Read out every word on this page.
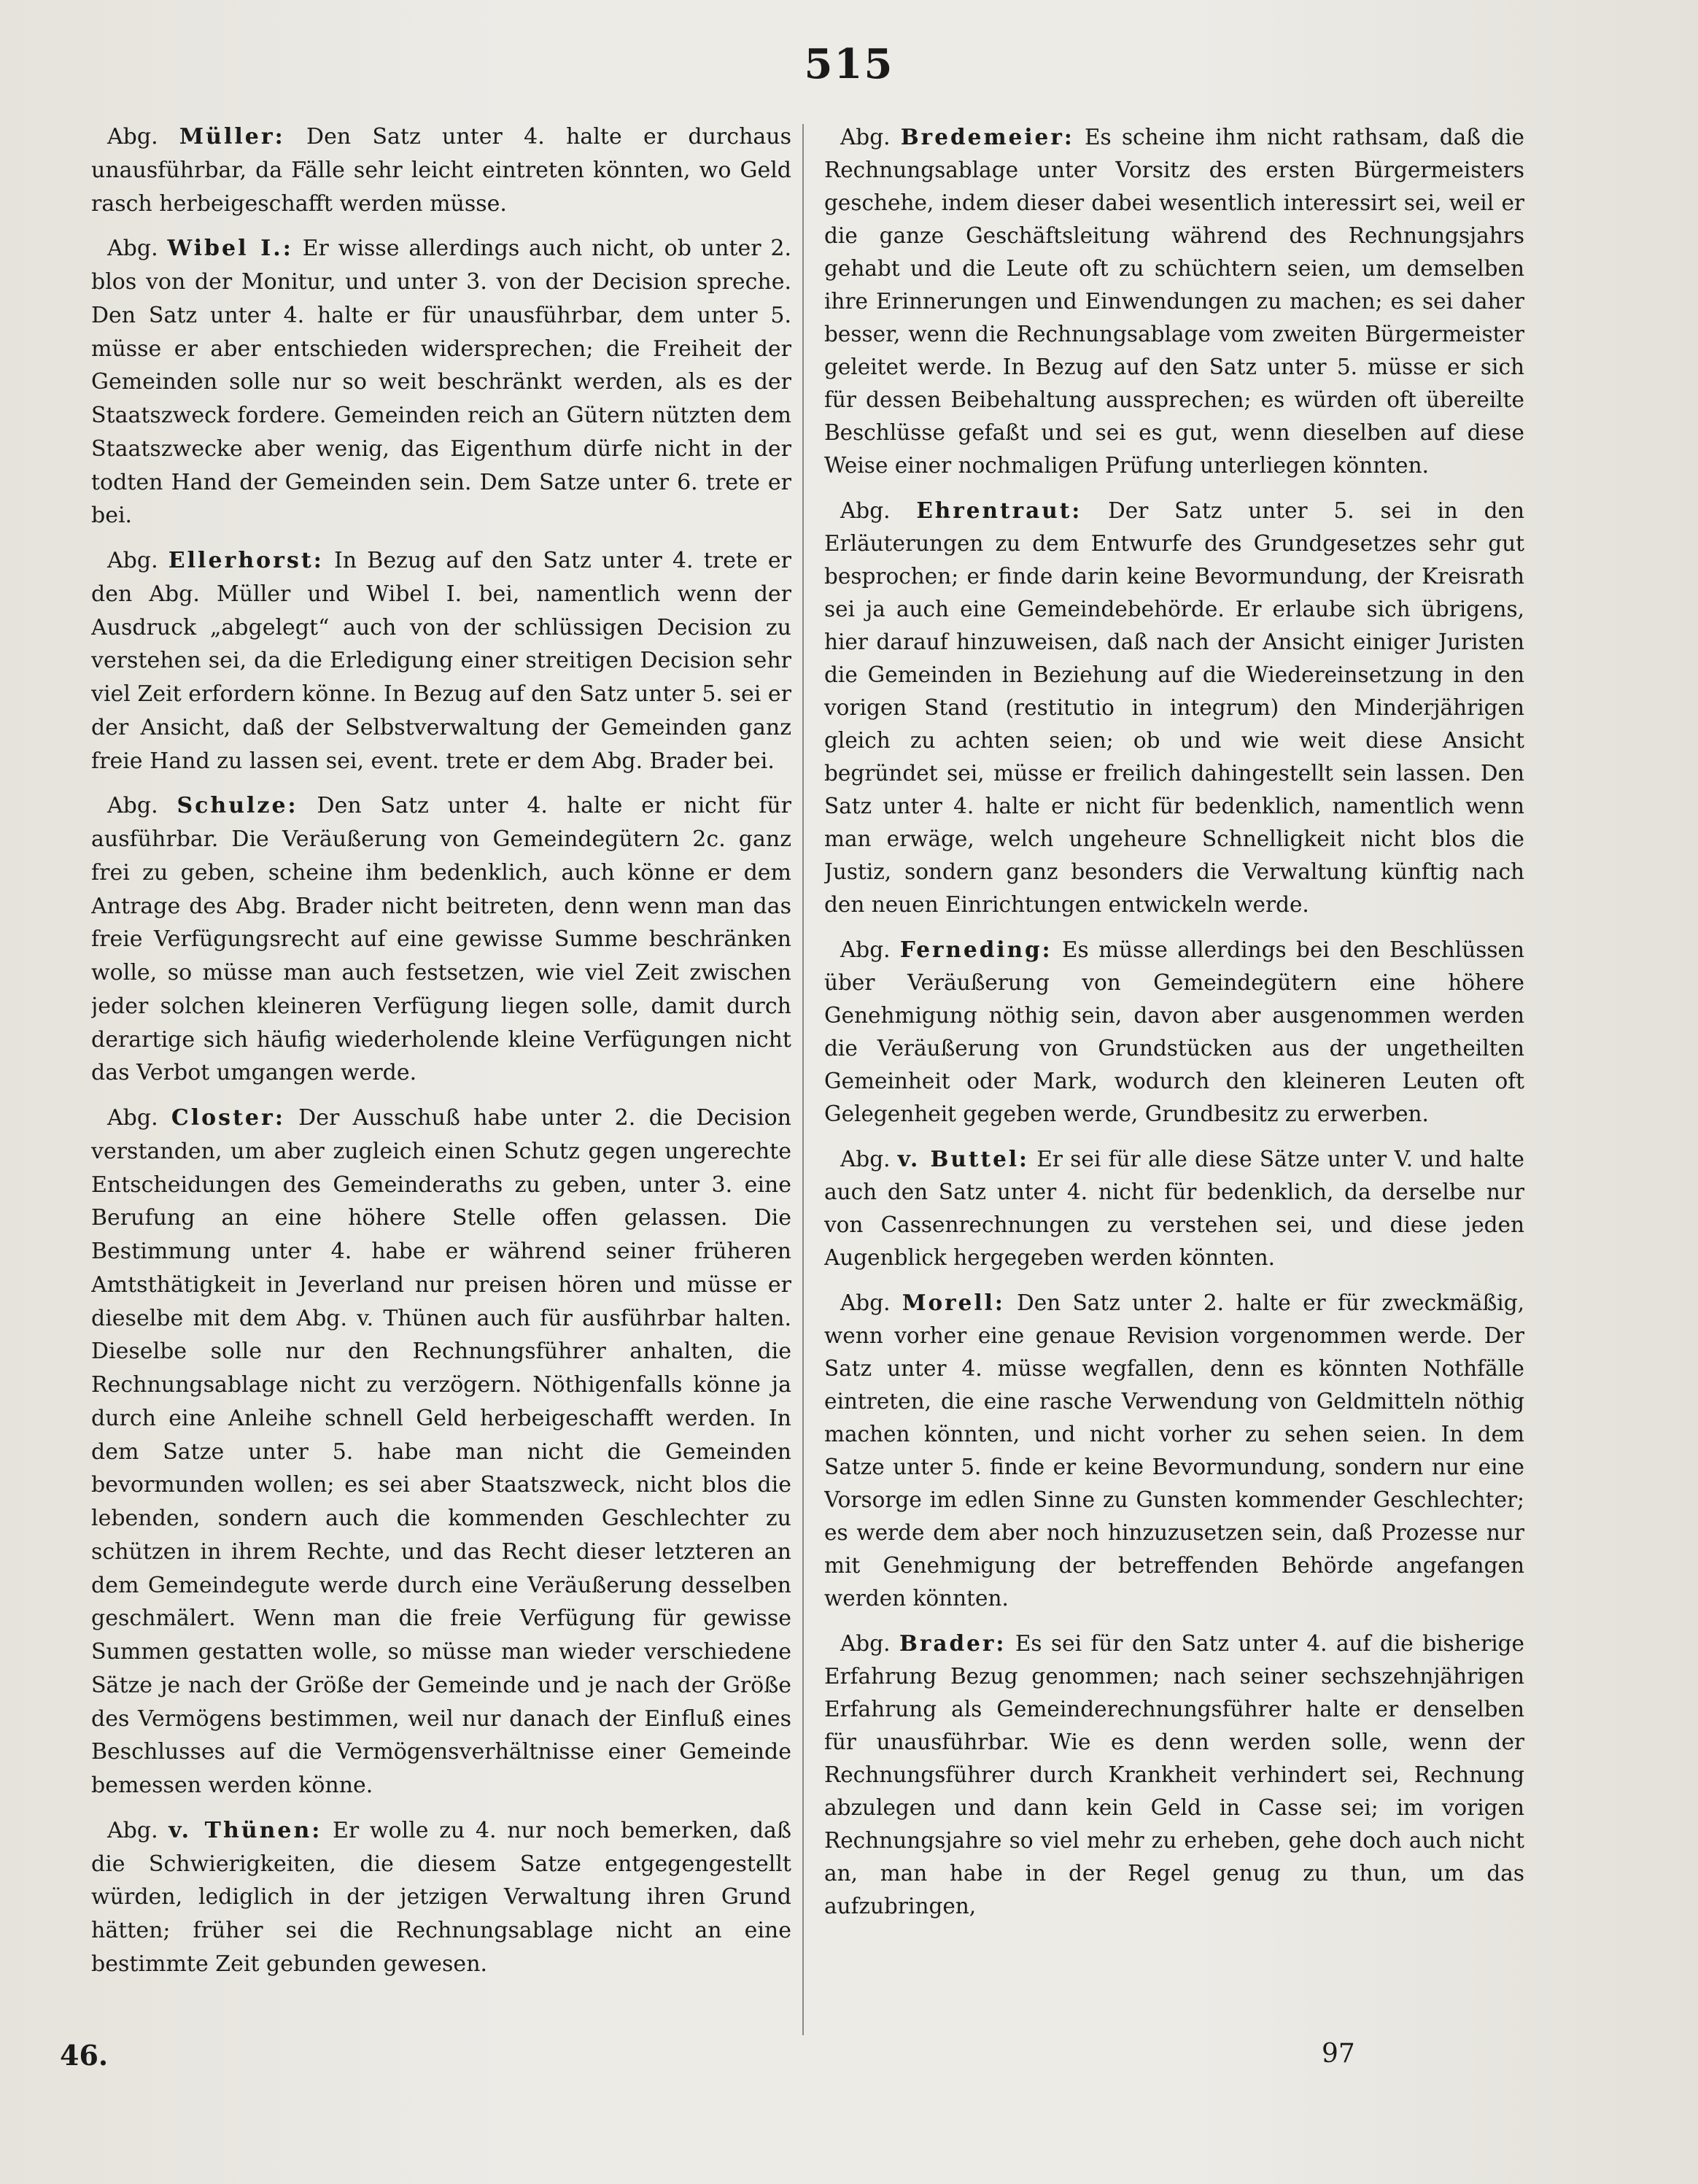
515

Abg. Müller: Den Satz unter 4. halte er durchaus unausführbar, da Fälle sehr leicht eintreten könnten, wo Geld rasch herbeigeschafft werden müsse.

Abg. Wibel I.: Er wisse allerdings auch nicht, ob unter 2. blos von der Monitur, und unter 3. von der Decision spreche. Den Satz unter 4. halte er für unausführbar, dem unter 5. müsse er aber entschieden widersprechen; die Freiheit der Gemeinden solle nur so weit beschränkt werden, als es der Staatszweck fordere. Gemeinden reich an Gütern nützten dem Staatszwecke aber wenig, das Eigenthum dürfe nicht in der todten Hand der Gemeinden sein. Dem Satze unter 6. trete er bei.

Abg. Ellerhorst: In Bezug auf den Satz unter 4. trete er den Abg. Müller und Wibel I. bei, namentlich wenn der Ausdruck „abgelegt“ auch von der schlüssigen Decision zu verstehen sei, da die Erledigung einer streitigen Decision sehr viel Zeit erfordern könne. In Bezug auf den Satz unter 5. sei er der Ansicht, daß der Selbstverwaltung der Gemeinden ganz freie Hand zu lassen sei, event. trete er dem Abg. Brader bei.

Abg. Schulze: Den Satz unter 4. halte er nicht für ausführbar. Die Veräußerung von Gemeindegütern 2c. ganz frei zu geben, scheine ihm bedenklich, auch könne er dem Antrage des Abg. Brader nicht beitreten, denn wenn man das freie Verfügungsrecht auf eine gewisse Summe beschränken wolle, so müsse man auch festsetzen, wie viel Zeit zwischen jeder solchen kleineren Verfügung liegen solle, damit durch derartige sich häufig wiederholende kleine Verfügungen nicht das Verbot umgangen werde.

Abg. Closter: Der Ausschuß habe unter 2. die Decision verstanden, um aber zugleich einen Schutz gegen ungerechte Entscheidungen des Gemeinderaths zu geben, unter 3. eine Berufung an eine höhere Stelle offen gelassen. Die Bestimmung unter 4. habe er während seiner früheren Amtsthätigkeit in Jeverland nur preisen hören und müsse er dieselbe mit dem Abg. v. Thünen auch für ausführbar halten. Dieselbe solle nur den Rechnungsführer anhalten, die Rechnungsablage nicht zu verzögern. Nöthigenfalls könne ja durch eine Anleihe schnell Geld herbeigeschafft werden. In dem Satze unter 5. habe man nicht die Gemeinden bevormunden wollen; es sei aber Staatszweck, nicht blos die lebenden, sondern auch die kommenden Geschlechter zu schützen in ihrem Rechte, und das Recht dieser letzteren an dem Gemeindegute werde durch eine Veräußerung desselben geschmälert. Wenn man die freie Verfügung für gewisse Summen gestatten wolle, so müsse man wieder verschiedene Sätze je nach der Größe der Gemeinde und je nach der Größe des Vermögens bestimmen, weil nur danach der Einfluß eines Beschlusses auf die Vermögensverhältnisse einer Gemeinde bemessen werden könne.

Abg. v. Thünen: Er wolle zu 4. nur noch bemerken, daß die Schwierigkeiten, die diesem Satze entgegengestellt würden, lediglich in der jetzigen Verwaltung ihren Grund hätten; früher sei die Rechnungsablage nicht an eine bestimmte Zeit gebunden gewesen.

Abg. Bredemeier: Es scheine ihm nicht rathsam, daß die Rechnungsablage unter Vorsitz des ersten Bürgermeisters geschehe, indem dieser dabei wesentlich interessirt sei, weil er die ganze Geschäftsleitung während des Rechnungsjahrs gehabt und die Leute oft zu schüchtern seien, um demselben ihre Erinnerungen und Einwendungen zu machen; es sei daher besser, wenn die Rechnungsablage vom zweiten Bürgermeister geleitet werde. In Bezug auf den Satz unter 5. müsse er sich für dessen Beibehaltung aussprechen; es würden oft übereilte Beschlüsse gefaßt und sei es gut, wenn dieselben auf diese Weise einer nochmaligen Prüfung unterliegen könnten.

Abg. Ehrentraut: Der Satz unter 5. sei in den Erläuterungen zu dem Entwurfe des Grundgesetzes sehr gut besprochen; er finde darin keine Bevormundung, der Kreisrath sei ja auch eine Gemeindebehörde. Er erlaube sich übrigens, hier darauf hinzuweisen, daß nach der Ansicht einiger Juristen die Gemeinden in Beziehung auf die Wiedereinsetzung in den vorigen Stand (restitutio in integrum) den Minderjährigen gleich zu achten seien; ob und wie weit diese Ansicht begründet sei, müsse er freilich dahingestellt sein lassen. Den Satz unter 4. halte er nicht für bedenklich, namentlich wenn man erwäge, welch ungeheure Schnelligkeit nicht blos die Justiz, sondern ganz besonders die Verwaltung künftig nach den neuen Einrichtungen entwickeln werde.

Abg. Ferneding: Es müsse allerdings bei den Beschlüssen über Veräußerung von Gemeindegütern eine höhere Genehmigung nöthig sein, davon aber ausgenommen werden die Veräußerung von Grundstücken aus der ungetheilten Gemeinheit oder Mark, wodurch den kleineren Leuten oft Gelegenheit gegeben werde, Grundbesitz zu erwerben.

Abg. v. Buttel: Er sei für alle diese Sätze unter V. und halte auch den Satz unter 4. nicht für bedenklich, da derselbe nur von Cassenrechnungen zu verstehen sei, und diese jeden Augenblick hergegeben werden könnten.

Abg. Morell: Den Satz unter 2. halte er für zweckmäßig, wenn vorher eine genaue Revision vorgenommen werde. Der Satz unter 4. müsse wegfallen, denn es könnten Nothfälle eintreten, die eine rasche Verwendung von Geldmitteln nöthig machen könnten, und nicht vorher zu sehen seien. In dem Satze unter 5. finde er keine Bevormundung, sondern nur eine Vorsorge im edlen Sinne zu Gunsten kommender Geschlechter; es werde dem aber noch hinzuzusetzen sein, daß Prozesse nur mit Genehmigung der betreffenden Behörde angefangen werden könnten.

Abg. Brader: Es sei für den Satz unter 4. auf die bisherige Erfahrung Bezug genommen; nach seiner sechszehnjährigen Erfahrung als Gemeinderechnungsführer halte er denselben für unausführbar. Wie es denn werden solle, wenn der Rechnungsführer durch Krankheit verhindert sei, Rechnung abzulegen und dann kein Geld in Casse sei; im vorigen Rechnungsjahre so viel mehr zu erheben, gehe doch auch nicht an, man habe in der Regel genug zu thun, um das aufzubringen,

46.	97
